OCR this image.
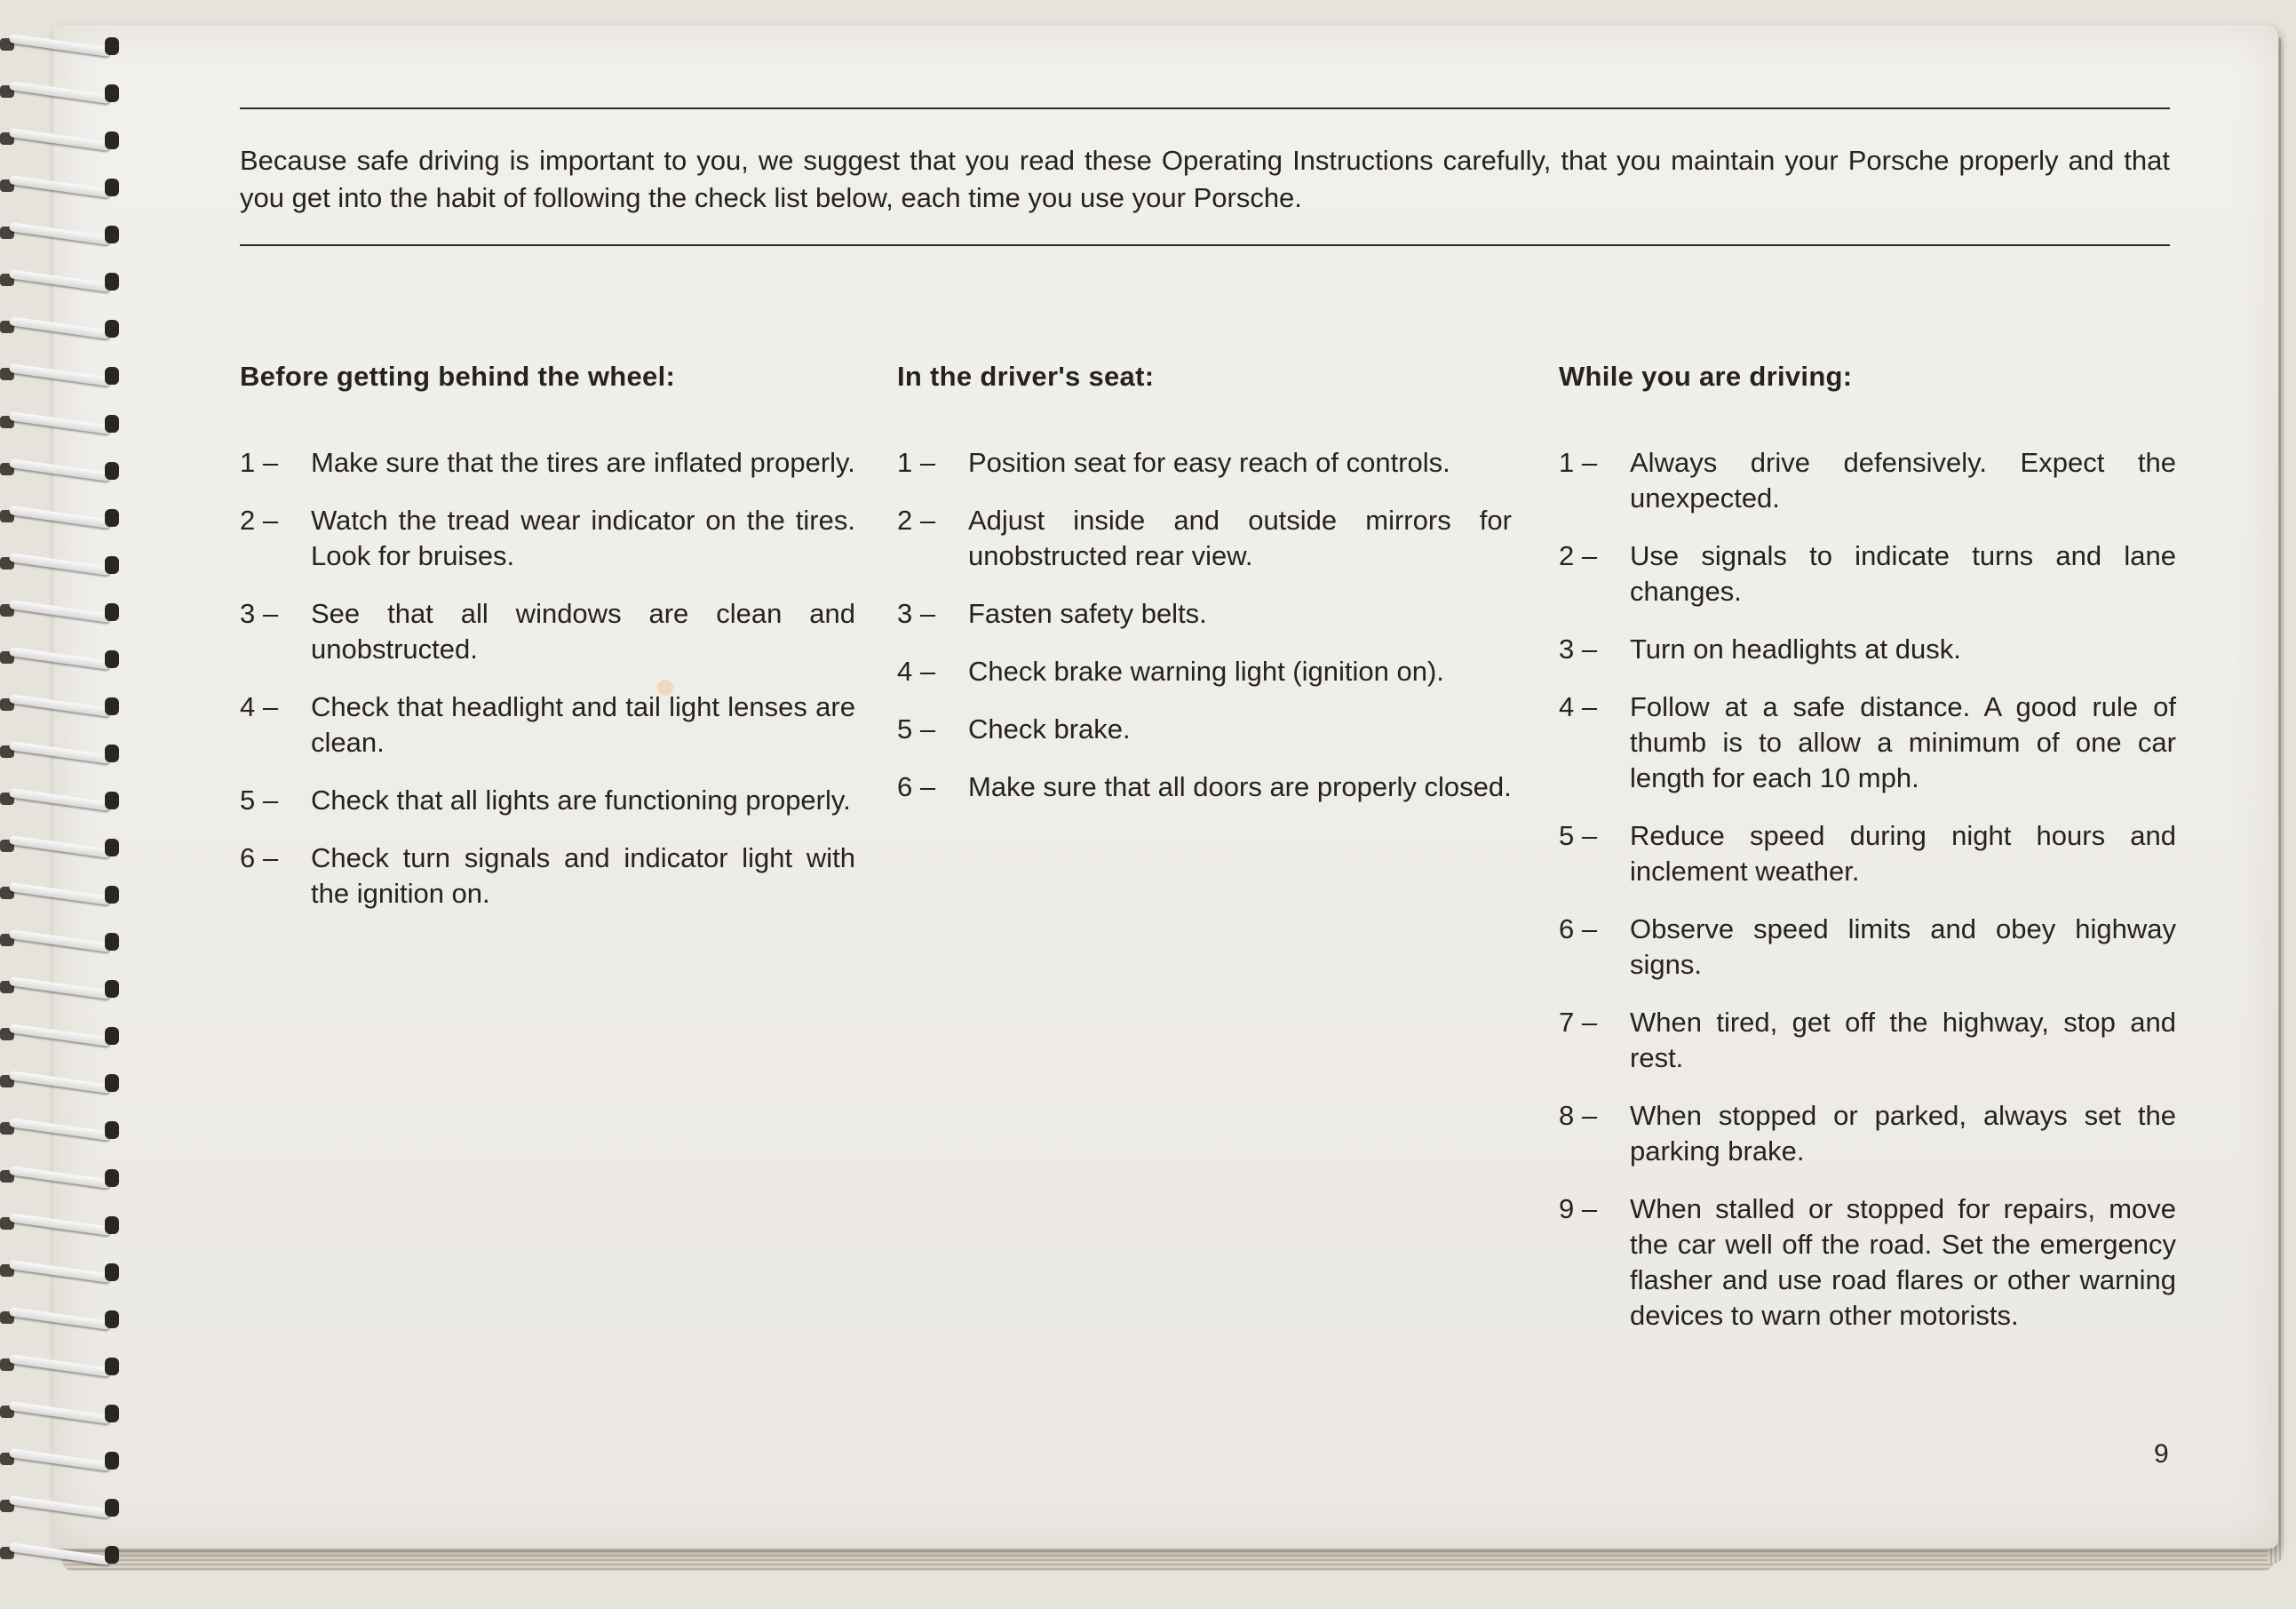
Because safe driving is important to you, we suggest that you read these Operating Instructions carefully, that you maintain your Porsche properly and that you get into the habit of following the check list below, each time you use your Porsche.

Before getting behind the wheel:
1 –	Make sure that the tires are inflated properly.
2 –	Watch the tread wear indicator on the tires. Look for bruises.
3 –	See that all windows are clean and unobstructed.
4 –	Check that headlight and tail light lenses are clean.
5 –	Check that all lights are functioning properly.
6 –	Check turn signals and indicator light with the ignition on.
In the driver's seat:
1 –	Position seat for easy reach of controls.
2 –	Adjust inside and outside mirrors for unobstructed rear view.
3 –	Fasten safety belts.
4 –	Check brake warning light (ignition on).
5 –	Check brake.
6 –	Make sure that all doors are properly closed.
While you are driving:
1 –	Always drive defensively. Expect the unexpected.
2 –	Use signals to indicate turns and lane changes.
3 –	Turn on headlights at dusk.
4 –	Follow at a safe distance. A good rule of thumb is to allow a minimum of one car length for each 10 mph.
5 –	Reduce speed during night hours and inclement weather.
6 –	Observe speed limits and obey highway signs.
7 –	When tired, get off the highway, stop and rest.
8 –	When stopped or parked, always set the parking brake.
9 –	When stalled or stopped for repairs, move the car well off the road. Set the emergency flasher and use road flares or other warning devices to warn other motorists.

9
